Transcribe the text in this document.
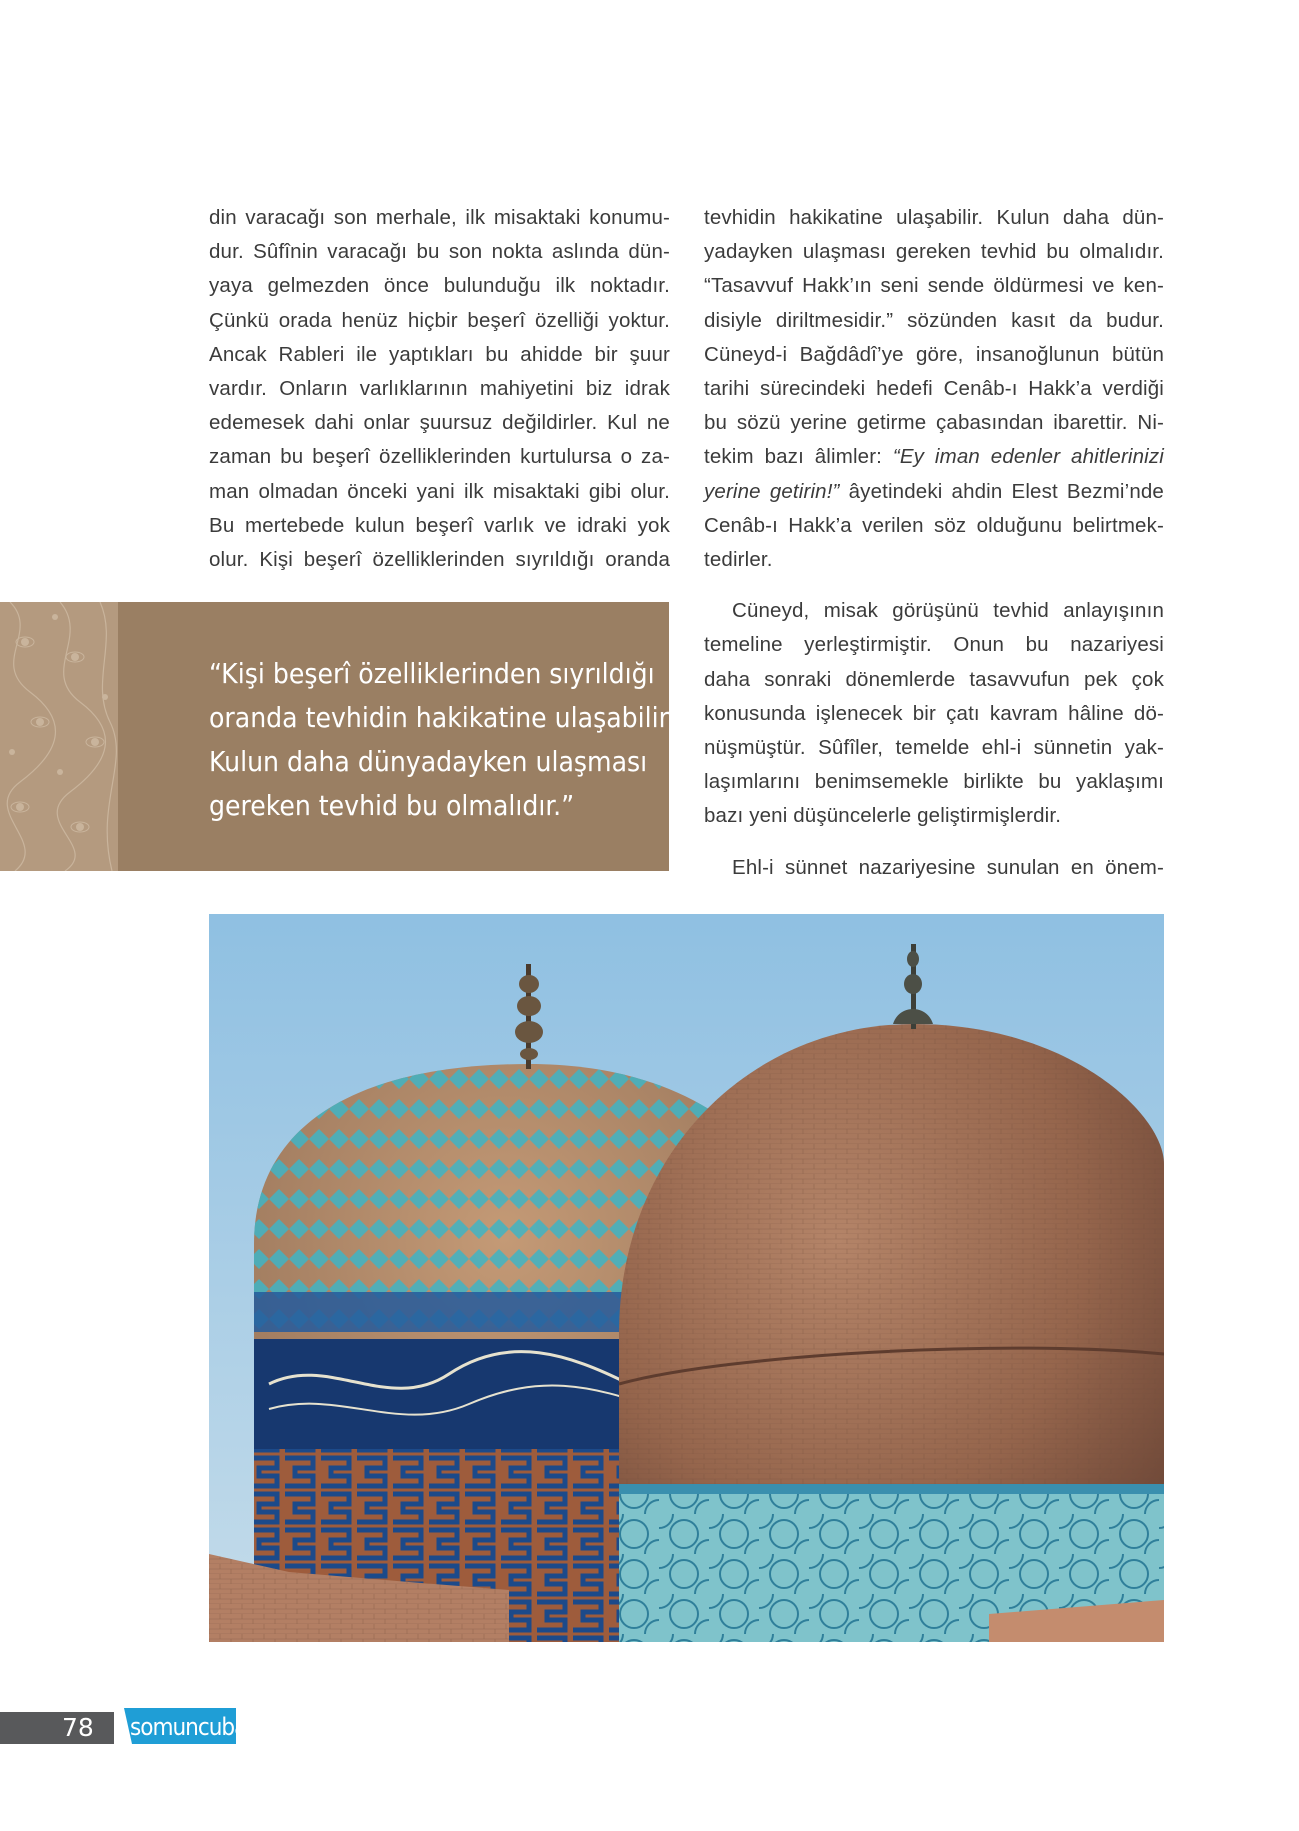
din varacağı son merhale, ilk misaktaki konumu-
dur. Sûfînin varacağı bu son nokta aslında dün-
yaya gelmezden önce bulunduğu ilk noktadır.
Çünkü orada henüz hiçbir beşerî özelliği yoktur.
Ancak Rableri ile yaptıkları bu ahidde bir şuur
vardır. Onların varlıklarının mahiyetini biz idrak
edemesek dahi onlar şuursuz değildirler. Kul ne
zaman bu beşerî özelliklerinden kurtulursa o za-
man olmadan önceki yani ilk misaktaki gibi olur.
Bu mertebede kulun beşerî varlık ve idraki yok
olur. Kişi beşerî özelliklerinden sıyrıldığı oranda

tevhidin hakikatine ulaşabilir. Kulun daha dün-
yadayken ulaşması gereken tevhid bu olmalıdır.
“Tasavvuf Hakk’ın seni sende öldürmesi ve ken-
disiyle diriltmesidir.” sözünden kasıt da budur.
Cüneyd-i Bağdâdî’ye göre, insanoğlunun bütün
tarihi sürecindeki hedefi Cenâb-ı Hakk’a verdiği
bu sözü yerine getirme çabasından ibarettir. Ni-
tekim bazı âlimler: “Ey iman edenler ahitlerinizi
yerine getirin!” âyetindeki ahdin Elest Bezmi’nde
Cenâb-ı Hakk’a verilen söz olduğunu belirtmek-
tedirler.

Cüneyd, misak görüşünü tevhid anlayışının
temeline yerleştirmiştir. Onun bu nazariyesi
daha sonraki dönemlerde tasavvufun pek çok
konusunda işlenecek bir çatı kavram hâline dö-
nüşmüştür. Sûfîler, temelde ehl-i sünnetin yak-
laşımlarını benimsemekle birlikte bu yaklaşımı
bazı yeni düşüncelerle geliştirmişlerdir.

Ehl-i sünnet nazariyesine sunulan en önem-

“Kişi beşerî özelliklerinden sıyrıldığı
oranda tevhidin hakikatine ulaşabilir.
Kulun daha dünyadayken ulaşması
gereken tevhid bu olmalıdır.”
78 somuncubaba
